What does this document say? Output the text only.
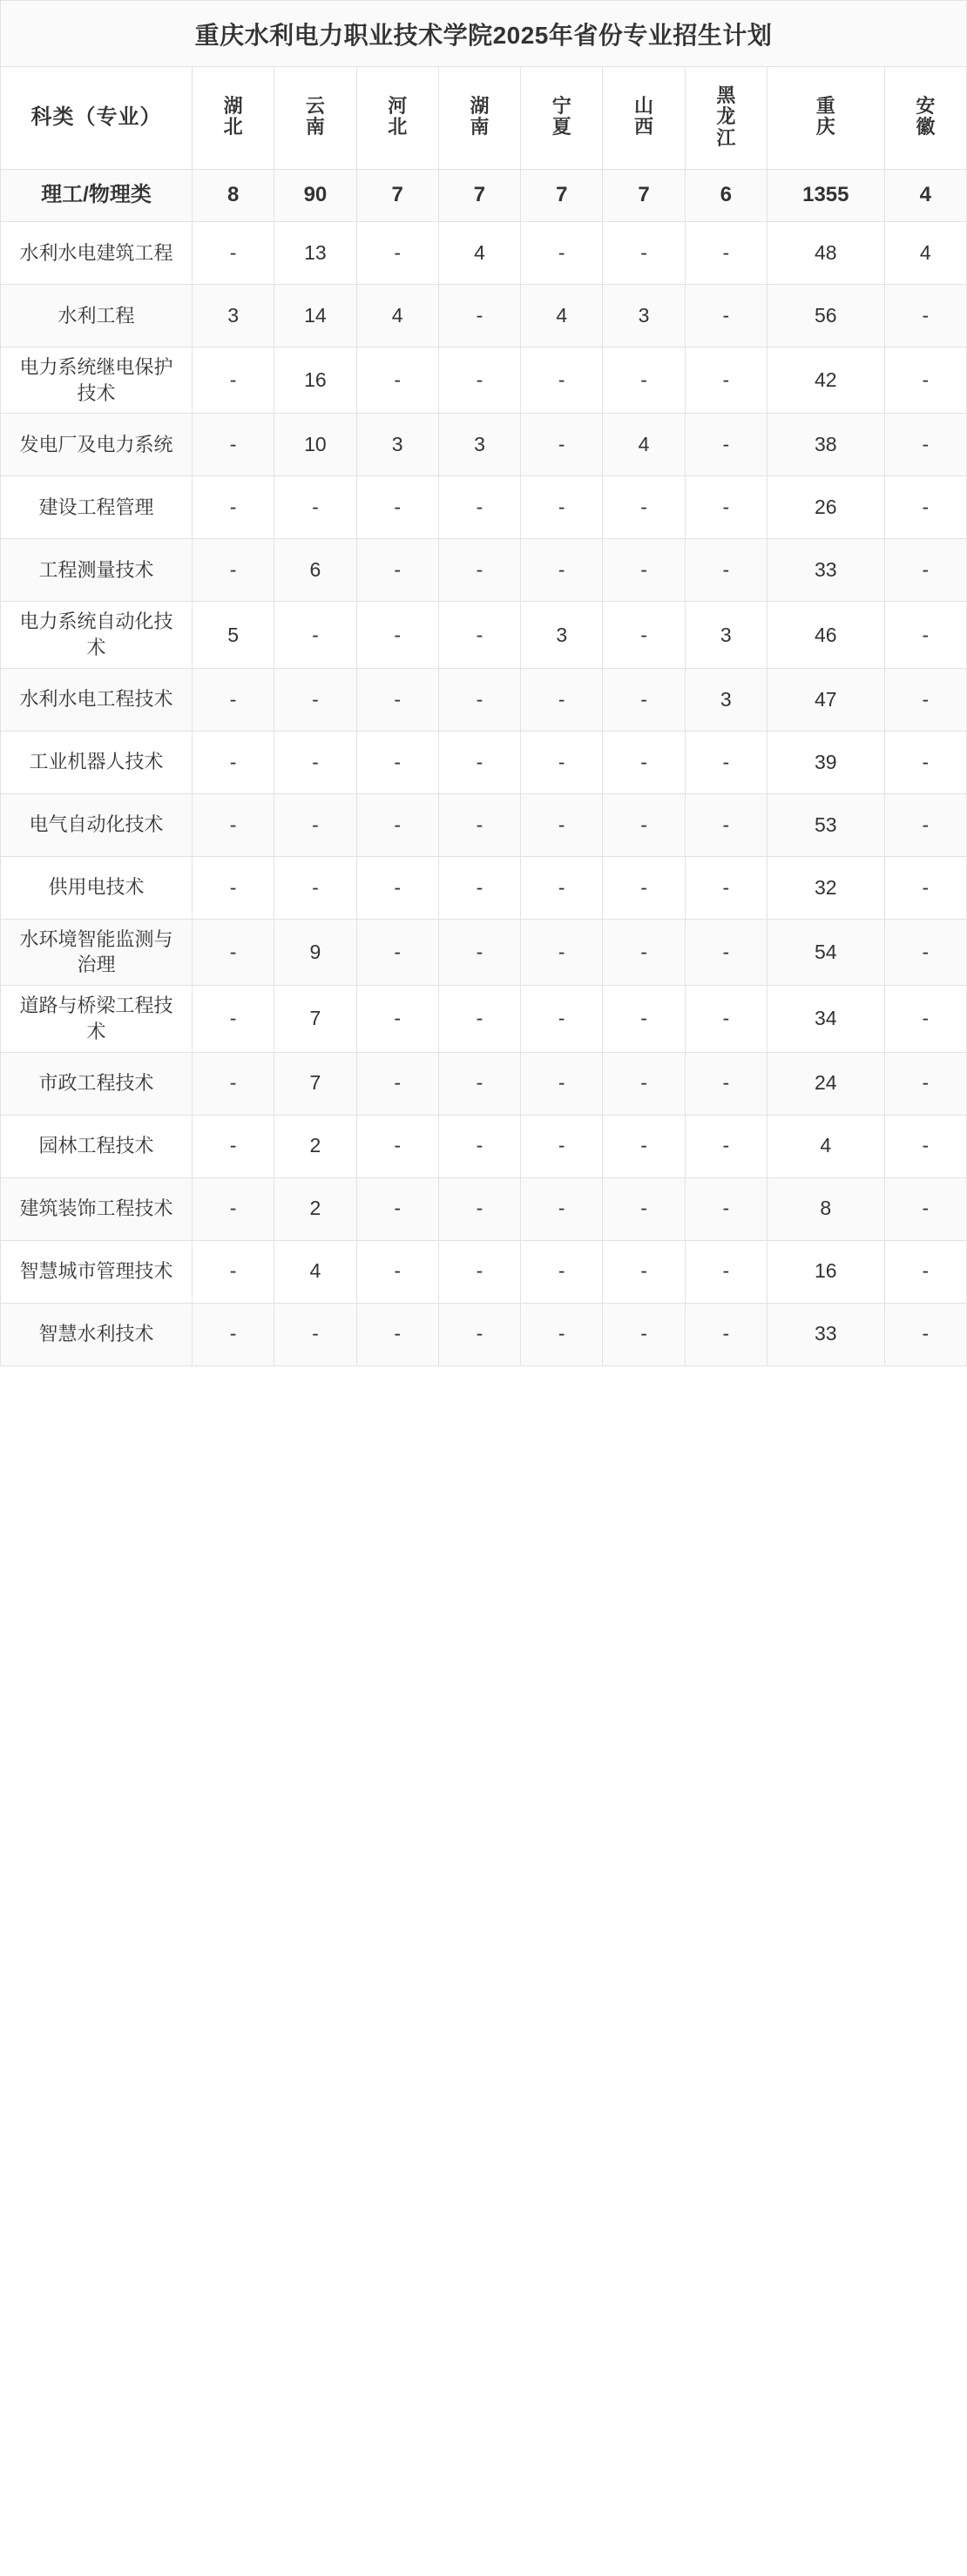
重庆水利电力职业技术学院2025年省份专业招生计划
科类（专业）	湖北	云南	河北	湖南	宁夏	山西	黑龙江	重庆	安徽
理工/物理类	8	90	7	7	7	7	6	1355	4
水利水电建筑工程	-	13	-	4	-	-	-	48	4
水利工程	3	14	4	-	4	3	-	56	-
电力系统继电保护技术	-	16	-	-	-	-	-	42	-
发电厂及电力系统	-	10	3	3	-	4	-	38	-
建设工程管理	-	-	-	-	-	-	-	26	-
工程测量技术	-	6	-	-	-	-	-	33	-
电力系统自动化技术	5	-	-	-	3	-	3	46	-
水利水电工程技术	-	-	-	-	-	-	3	47	-
工业机器人技术	-	-	-	-	-	-	-	39	-
电气自动化技术	-	-	-	-	-	-	-	53	-
供用电技术	-	-	-	-	-	-	-	32	-
水环境智能监测与治理	-	9	-	-	-	-	-	54	-
道路与桥梁工程技术	-	7	-	-	-	-	-	34	-
市政工程技术	-	7	-	-	-	-	-	24	-
园林工程技术	-	2	-	-	-	-	-	4	-
建筑装饰工程技术	-	2	-	-	-	-	-	8	-
智慧城市管理技术	-	4	-	-	-	-	-	16	-
智慧水利技术	-	-	-	-	-	-	-	33	-
